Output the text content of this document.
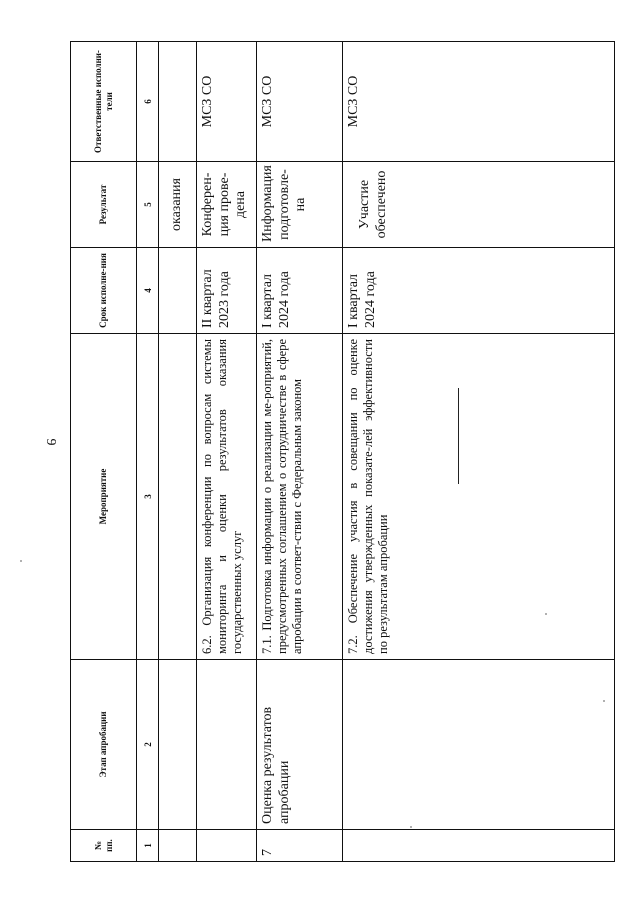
9
№ пп.	Этап апробации	Мероприятие	Срок исполне-ния	Результат	Ответственные исполни-тели
1	2	3	4	5	6
				оказания	
		6.2. Организация конференции по вопросам системы мониторинга и оценки результатов оказания государственных услуг	II квартал 2023 года	Конферен-ция прове-дена	МСЗ СО
7	Оценка результатов апробации	7.1. Подготовка информации о реализации ме-роприятий, предусмотренных соглашением о сотрудничестве в сфере апробации в соответ-ствии с Федеральным законом	I квартал 2024 года	Информация подготовле-на	МСЗ СО
		7.2. Обеспечение участия в совещании по оценке достижения утвержденных показате-лей эффективности по результатам апробации	I квартал 2024 года	Участие обеспечено	МСЗ СО
